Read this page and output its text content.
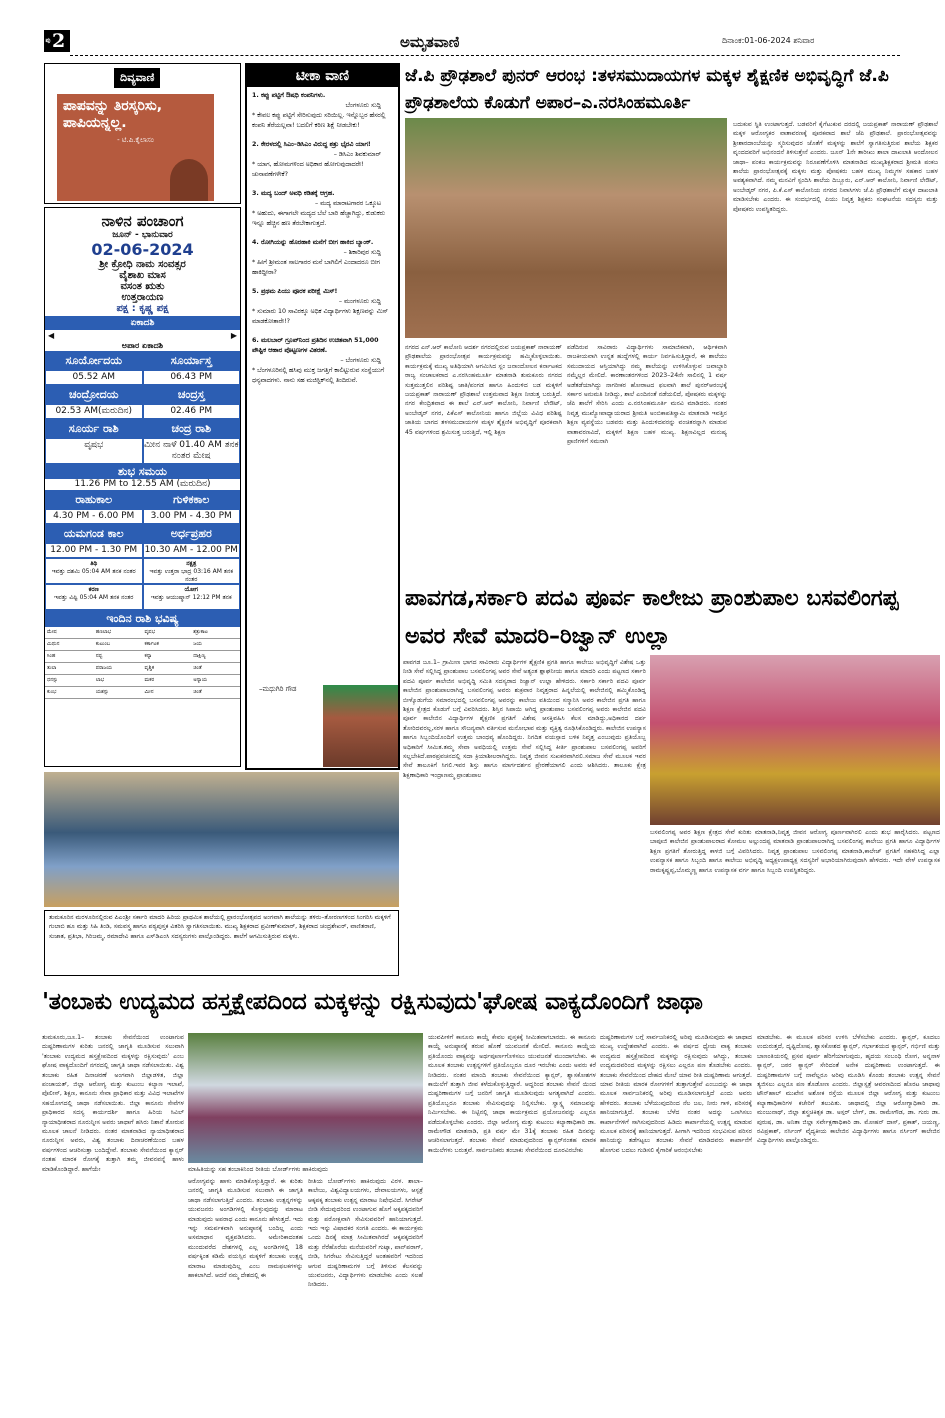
ಪು 2	ಅಮೃತವಾಣಿ	ದಿನಾಂಕ:01-06-2024 ಶನಿವಾರ
ದಿವ್ಯವಾಣಿ
ಪಾಪವನ್ನು ತಿರಸ್ಕರಿಸು, ಪಾಪಿಯನ್ನಲ್ಲ.
- ಟಿ.ಪಿ.ಕೈಲಾಸಂ
ನಾಳಿನ ಪಂಚಾಂಗ
ಜೂನ್ - ಭಾನುವಾರ
02-06-2024
ಶ್ರೀ ಕ್ರೋಧಿ ನಾಮ ಸಂವತ್ಸರ
ವೈಶಾಖ ಮಾಸ
ವಸಂತ ಋತು
ಉತ್ತರಾಯಣ
ಪಕ್ಷ : ಕೃಷ್ಣ ಪಕ್ಷ
ಏಕಾದಶಿ
◀	▶
ಅಪಾರ ಏಕಾದಶಿ
ಸೂರ್ಯೋದಯ	ಸೂರ್ಯಾಸ್ತ
05.52 AM	06.43 PM
ಚಂದ್ರೋದಯ	ಚಂದ್ರಸ್ತ
02.53 AM(ಮರುದಿನ)	02.46 PM
ಸೂರ್ಯ ರಾಶಿ	ಚಂದ್ರ ರಾಶಿ
ವೃಷಭ	ಮೀನ ನಾಳೆ 01.40 AM ತನಕ ನಂತರ ಮೇಷ
ಶುಭ ಸಮಯ
11.26 PM to 12.55 AM (ಮರುದಿನ)
ರಾಹುಕಾಲ	ಗುಳಿಕಕಾಲ
4.30 PM - 6.00 PM	3.00 PM - 4.30 PM
ಯಮಗಂಡ ಕಾಲ	ಅರ್ಧಪ್ರಹರ
12.00 PM - 1.30 PM 10.30 AM - 12.00 PM
ತಿಥಿ
ಇವತ್ತು ದಶಮಿ 05:04 AM ತನಕ ನಂತರ
ನಕ್ಷತ್ರ
ಇವತ್ತು ಉತ್ತರಾ ಭಾದ್ರ 03:16 AM ತನಕ ನಂತರ
ಕರಣ
ಇವತ್ತು ವಿಷ್ಟಿ 05:04 AM ತನಕ ನಂತರ
ಯೋಗ
ಇವತ್ತು ಆಯುಷ್ಮಾನ್ 12:12 PM ತನಕ
ಇಂದಿನ ರಾಶಿ ಭವಿಷ್ಯ
ಮೇಷ	ಹಣಲಾಭ	ವೃಷಭ	ಶತ್ರುಕಾಟ
ಮಿಥುನ	ಕುಟುಂಬ	ಕರ್ಕಾಟಕ	ಜಯ
ಸಿಂಹ	ನಷ್ಟ	ಕನ್ಯಾ	ದಾಕ್ಷಿಣ್ಯ
ತುಲಾ	ಪರಾಜಯ	ವೃಶ್ಚಿಕ	ಚಿಂತೆ
ಧನಸ್ಸು	ಲಾಭ	ಮಕರ	ಅನ್ಯಾಯ
ಕುಂಭ	ಯಶಸ್ಸು	ಮೀನ	ಚಿಂತೆ
ಟೀಕಾ ವಾಣಿ
1. ಕಪ್ಪು ಪಟ್ಟಿಗೆ ಔಷಧಿ ಕಂಪನಿಗಳು.
ಬೆಂಗಳೂರು ಸುದ್ದಿ
* ಕೇವಲ ಕಪ್ಪು ಪಟ್ಟಿಗೆ ಸೇರಿಸುವುದು ಸರಿಯಿಲ್ಲ. ಇನ್ನೊಬ್ಬರ ಹೆಸರಲ್ಲಿ ಕಂಪನಿ ತೆರೆಯಲ್ಲವಾ! ಬದಲಿಗೆ ಕಠಿಣ ಶಿಕ್ಷೆ ನೀಡಬೇಕು!
2. ಕೇರಳದಲ್ಲಿ ಸಿಎಂ–ಡಿಸಿಎಂ ವಿರುದ್ಧ ಶತ್ರು ಭೈರವಿ ಯಾಗ!
– ಡಿಸಿಎಂ ಶಿವಕುಮಾರ್
* ಯಾಗ, ಹೋಮಗಳಿಂದ ಅಧಿಕಾರ ಹೋಗುವುದಾದರೇ! ಚುನಾವಣೆಗಳೇಕೆ?
3. ಮದ್ಯ ಬಂದ್ ಅವಧಿ ಕಡಿತಕ್ಕೆ ಆಗ್ರಹ.
– ಮದ್ಯ ಮಾರಾಟಗಾರರ ಒಕ್ಕೂಟ
* ಅಹುದು, ಈಗಾಗಲೇ ಮದ್ಯದ ಬೆಲೆ ಬಾರಿ ಹೆಚ್ಚಾಗಿದ್ದು, ಕುಡುಕರು ಇನ್ನೂ ಹೆಚ್ಚಿನ ಹಣ ತೆರಬೇಕಾಗುತ್ತದೆ.
4. ರೋಗಿಯನ್ನು ಹೊರಹಾಕಿ ಮನೆಗೆ ಬೀಗ ಹಾಕಿದ ಬ್ಯಾಂಕ್.
– ಶಿಕಾರಿಪುರ ಸುದ್ದಿ
* ಹೀಗೆ ಶ್ರೀಮಂತ ಸಾಲಗಾರರ ಮನೆ ಬಾಗಿಲಿಗೆ ಎಂದಾದರೂ ಬೀಗ ಹಾಕಿದ್ದೀರಾ?
5. ಪ್ರಥಮ ಪಿಯು ಪೂರಕ ಪರೀಕ್ಷೆ ಮಿಸ್!
– ಮಂಗಳೂರು ಸುದ್ದಿ
* ಸುಮಾರು 10 ಸಾವಿರಕ್ಕೂ ಅಧಿಕ ವಿದ್ಯಾರ್ಥಿಗಳು ಶಿಕ್ಷಣವನ್ನು ಮಿಸ್ ಮಾಡಕೋತಾರೇ!?
6. ಮಲಬಾರ್ ಗ್ರೂಪ್‌ನಿಂದ ಪ್ರತಿದಿನ ಉಚಿತವಾಗಿ 51,000 ಪೌಷ್ಟಿಕ ಆಹಾರ ಪೊಟ್ಟಣಗಳ ವಿತರಣೆ.
– ಬೆಂಗಳೂರು ಸುದ್ದಿ
* ಬೆಂಗಳೂರಿನಲ್ಲಿ ಹಸಿವು ಮುಕ್ತ ಜಗತ್ತಿಗೆ ಕಾಲಿಟ್ಟುರುವ ಸಂಸ್ಥೆಯುಗೆ ಧನ್ಯವಾದಗಳು. ನಾನು ಸಹ ಮಜಿಸ್ಟಿಕ್‌ನಲ್ಲಿ ತಿಂದಿರುವೆ.
–ಮಧುಗಿರಿ ಗೌಡ
ಜೆ.ಪಿ ಪ್ರೌಢಶಾಲೆ ಪುನರ್ ಆರಂಭ :ತಳಸಮುದಾಯಗಳ ಮಕ್ಕಳ ಶೈಕ್ಷಣಿಕ ಅಭಿವೃದ್ಧಿಗೆ ಜೆ.ಪಿ ಪ್ರೌಢಶಾಲೆಯ ಕೊಡುಗೆ ಅಪಾರ–ಎ.ನರಸಿಂಹಮೂರ್ತಿ
ಬದುಕುವ ಸ್ಥಿತಿ ಉಂಟಾಗುತ್ತದೆ. ಬಡವರಿಗೆ ಕೈಗೆಟುಕುವ ದರದಲ್ಲಿ ಜಯಪ್ರಕಾಶ್ ನಾರಾಯಣ್ ಪ್ರೌಢಶಾಲೆ ಮಕ್ಕಳ ಆರೋಗ್ಯಕರ ವಾತಾವರಣಕ್ಕೆ ಪೂರಕವಾದ ಶಾಲೆ ಜೆಪಿ ಪ್ರೌಢಶಾಲೆ. ಪ್ರಾರಂಭೋತ್ಸವವನ್ನು ಶ್ರೀಶಾರದಾಂಬೆಯನ್ನು ಸ್ಮರಿಸುವುದರ ಜೊತೆಗೆ ಮಕ್ಕಳನ್ನು ಶಾಲೆಗೆ ಸ್ವಾಗತಿಸುತ್ತಿರುವ ಶಾಲೆಯ ಶಿಕ್ಷಕರ ವೃಂದದವರಿಗೆ ಅಭಿನಂದನೆ ತಿಳಿಸುತ್ತೇನೆ ಎಂದರು. ಜೂನ್ 1ನೇ ತಾರೀಖು ಶಾಲಾ ದಾಖಲಾತಿ ಆಂದೋಲನ ಜಾಥಾ– ಪಂಕಜ ಕಾರ್ಯಕ್ರಮವನ್ನು ನಿರೂಪಣೆಗೊಳಿಸಿ ಮಾತನಾಡಿದ ಮುಖ್ಯಶಿಕ್ಷಕರಾದ ಶ್ರೀಮತಿ ಪಂಕಜ ಶಾಲೆಯ ಪ್ರಾರಂಭೋತ್ಸವಕ್ಕೆ ಮಕ್ಕಳು ಮತ್ತು ಪೋಷಕರು ಬಹಳ ಮುಖ್ಯ ನಿಮ್ಮಗಳ ಸಹಕಾರ ಬಹಳ ಅವಶ್ಯಕವಾಗಿದೆ. ನಮ್ಮ ಮನವಿಗೆ ಸ್ಪಂದಿಸಿ ಶಾಲೆಯ ದಿಬ್ಬೂರು, ಎನ್.ಆರ್ ಕಾಲೋನಿ, ನಿರ್ವಾಣಿ ಲೇಔಟ್, ಅಂಬೇಡ್ಕರ್ ನಗರ, ಪಿ.ಕೆ.ಎಸ್ ಕಾಲೋನಿಯ ನಗರದ ನಿವಾಸಿಗಳು ಜೆ.ಪಿ ಪ್ರೌಢಶಾಲೆಗೆ ಮಕ್ಕಳ ದಾಖಲಾತಿ ಮಾಡಿಸಬೇಕು ಎಂದರು. ಈ ಸಂದರ್ಭದಲ್ಲಿ ಪಿಯು ನಿವೃತ್ತ ಶಿಕ್ಷಕರು ಸಂಘಟನೆಯ ಸದಸ್ಯರು ಮತ್ತು ಪೋಷಕರು ಉಪಸ್ಥಿತರಿದ್ದರು.
ನಗರದ ಎನ್.ಆರ್ ಕಾಲೋನಿ ಆದರ್ಶ ನಗರದಲ್ಲಿರುವ ಜಯಪ್ರಕಾಶ್ ನಾರಾಯಣ್ ಪ್ರೌಢಶಾಲೆಯ ಪ್ರಾರಂಭೋತ್ಸವ ಕಾರ್ಯಕ್ರಮವನ್ನು ಹಮ್ಮಿಕೊಳ್ಳಲಾಯಿತು. ಕಾರ್ಯಕ್ರಮಕ್ಕೆ ಮುಖ್ಯ ಅತಿಥಿಯಾಗಿ ಆಗಮಿಸಿದ ಸ್ಲಂ ಜನಾಂದೋಲನ ಕರ್ನಾಟಕದ ರಾಜ್ಯ ಸಂಚಾಲಕರಾದ ಎ.ನರಸಿಂಹಮೂರ್ತಿ ಮಾತನಾಡಿ ತುಮಕೂರು ನಗರದ ಸುತ್ತಮುತ್ತಲಿನ ಪರಿಶಿಷ್ಟ ಜಾತಿ/ಪಂಗಡ ಹಾಗೂ ಹಿಂದುಳಿದ ಬಡ ಮಕ್ಕಳಿಗೆ ಜಯಪ್ರಕಾಶ್ ನಾರಾಯಣ್ ಪ್ರೌಢಶಾಲೆ ಉತ್ತಮವಾದ ಶಿಕ್ಷಣ ನೀಡುತ್ತ ಬರುತ್ತಿದೆ. ನಗರ ಕೇಂದ್ರಿತವಾದ ಈ ಶಾಲೆ ಎನ್.ಆರ್ ಕಾಲೋನಿ, ನಿರ್ವಾಣಿ ಲೇಔಟ್, ಅಂಬೇಡ್ಕರ್ ನಗರ, ಪಿಕೆಎಸ್ ಕಾಲೋನಿಯ ಹಾಗೂ ಜಿಲ್ಲೆಯ ವಿವಿಧ ಪರಿಶಿಷ್ಟ ಜಾತಿಯ ಬಾಗದ ತಳಸಮುದಾಯಗಳ ಮಕ್ಕಳ ಶೈಕ್ಷಣಿಕ ಅಭಿವೃದ್ಧಿಗೆ ಪೂರಕವಾಗಿ 45 ವರ್ಷಗಳಿಂದ ಶ್ರಮಿಸುತ್ತ ಬರುತ್ತಿದೆ, ಇಲ್ಲಿ ಶಿಕ್ಷಣ
ಪಡೆದಿರುವ ಸಾವಿರಾರು ವಿದ್ಯಾರ್ಥಿಗಳು ಸಾಮಾಜಿಕವಾಗಿ, ಆರ್ಥಿಕವಾಗಿ ರಾಜಕೀಯವಾಗಿ ಉನ್ನತ ಹುದ್ದೆಗಳಲ್ಲಿ ಕಾರ್ಯ ನಿರ್ವಹಿಸುತ್ತಿದ್ದಾರೆ, ಈ ಶಾಲೆಯು ಸಮುದಾಯದ ಆಸ್ತಿಯಾಗಿದ್ದು ನಮ್ಮ ಶಾಲೆಯನ್ನು ಉಳಿಸಿಕೊಳ್ಳುವ ಜವಾಬ್ದಾರಿ ನಮ್ಮೆಲ್ಲರ ಮೇಲಿದೆ. ಕಾರಣಾಂತರಗಳಿಂದ 2023–24ನೇ ಸಾಲಿನಲ್ಲಿ 1 ವರ್ಷ ಅಡೆತಡೆಯಾಗಿದ್ದು ನಾಗರೀಕರ ಹೋರಾಟದ ಫಲವಾಗಿ ಶಾಲೆ ಪುನರ್‌ಆರಂಭಕ್ಕೆ ಸರ್ಕಾರ ಅನುಮತಿ ನೀಡಿದ್ದು, ಶಾಲೆ ಎಂದಿನಂತೆ ನಡೆಯಲಿದೆ, ಪೋಷಕರು ಮಕ್ಕಳನ್ನು ಜೆಪಿ ಶಾಲೆಗೆ ಸೇರಿಸಿ ಎಂದು ಎ.ನರಸಿಂಹಮೂರ್ತಿ ಮನವಿ ಮಾಡಿದರು. ನಂತರ ನಿವೃತ್ತ ಮುಖ್ಯೋಪಾಧ್ಯಾಯರಾದ ಶ್ರೀಮತಿ ಅಂಬಿಕಾಪತಿಸ್ವಾಮಿ ಮಾತನಾಡಿ ಇವತ್ತಿನ ಶಿಕ್ಷಣ ವ್ಯವಸ್ಥೆಯು ಬಡವರು ಮತ್ತು ಹಿಂದುಳಿದವರನ್ನು ವಂಚಿತರನ್ನಾಗಿ ಮಾಡುವ ವಾತಾವರಣವಿದೆ, ಮಕ್ಕಳಿಗೆ ಶಿಕ್ಷಣ ಬಹಳ ಮುಖ್ಯ. ಶಿಕ್ಷಣವಿಲ್ಲದ ಮನುಷ್ಯ ಪ್ರಾಣಿಗಳಿಗೆ ಸಮನಾಗಿ
ಪಾವಗಡ,ಸರ್ಕಾರಿ ಪದವಿ ಪೂರ್ವ ಕಾಲೇಜು ಪ್ರಾಂಶುಪಾಲ ಬಸವಲಿಂಗಪ್ಪ ಅವರ ಸೇವೆ ಮಾದರಿ–ರಿಜ್ವಾನ್ ಉಲ್ಲಾ
ಪಾವಗಡ ಜೂ.1– ಗ್ರಾಮೀಣ ಭಾಗದ ಸಾವಿರಾರು ವಿದ್ಯಾರ್ಥಿಗಳ ಶೈಕ್ಷಣಿಕ ಪ್ರಗತಿ ಹಾಗೂ ಕಾಲೇಜು ಅಭಿವೃದ್ಧಿಗೆ ವಿಶೇಷ ಒತ್ತು ನೀಡಿ ಸೇವೆ ಸಲ್ಲಿಸಿದ್ದ ಪ್ರಾಂಶುಪಾಲ ಬಸವಲಿಂಗಪ್ಪ ಅವರ ಸೇವೆ ಅತ್ಯಂತ ಶ್ಲಾಘನೀಯ ಹಾಗೂ ಮಾದರಿ ಎಂದು ಪಟ್ಟಣದ ಸರ್ಕಾರಿ ಪದವಿ ಪೂರ್ವ ಕಾಲೇಜಿನ ಅಭಿವೃದ್ಧಿ ಸಮಿತಿ ಸದಸ್ಯರಾದ ರಿಜ್ವಾನ್ ಉಲ್ಲಾ ಹೇಳಿದರು. ಸರ್ಕಾರಿ ಸರ್ಕಾರಿ ಪದವಿ ಪೂರ್ವ ಕಾಲೇಜಿನ ಪ್ರಾಂಶುಪಾಲರಾಗಿದ್ದ ಬಸವಲಿಂಗಪ್ಪ ಅವರು ಶುಕ್ರವಾರ ನಿವೃತ್ತರಾದ ಹಿನ್ನಲೆಯಲ್ಲಿ ಕಾಲೇಜಿನಲ್ಲಿ ಹಮ್ಮಿಕೊಂಡಿದ್ದ ಬೀಳ್ಕೊಡುಗೆಯ ಸಮಾರಂಭದಲ್ಲಿ ಬಸವಲಿಂಗಪ್ಪ ಅವರನ್ನು ಕಾಲೇಜು ವತಿಯಿಂದ ಸನ್ಮಾನಿಸಿ ಅವರ ಕಾಲೇಜಿನ ಪ್ರಗತಿ ಹಾಗೂ ಶಿಕ್ಷಣ ಕ್ಷೇತ್ರದ ಕೊಡುಗೆ ಬಗ್ಗೆ ವಿವರಿಸಿದರು. ಶಿಸ್ತಿನ ಸಿಪಾಯಿ ಆಗಿದ್ದ ಪ್ರಾಂಶುಪಾಲ ಬಸವಲಿಂಗಪ್ಪ ಅವರು ಕಾಲೇಜಿನ ಪದವಿ ಪೂರ್ವ ಕಾಲೇಜಿನ ವಿದ್ಯಾರ್ಥಿಗಳ ಶೈಕ್ಷಣಿಕ ಪ್ರಗತಿಗೆ ವಿಶೇಷ ಆಸಕ್ತಿವಹಿಸಿ ಕೆಲಸ ಮಾಡಿದ್ದು,ಅಧಿಕಾರದ ದರ್ಪ ತೋರಿದವರಲ್ಲ,ಸರಳ ಹಾಗೂ ಸೌಜನ್ಯವಾಗಿ ವರ್ತಿಸುವ ಮನೋಭಾವ ಮತ್ತು ವ್ಯಕ್ತಿತ್ವ ರೂಢಿಸಿಕೊಂಡಿದ್ದರು. ಕಾಲೇಜಿನ ಉಪನ್ಯಾಸ ಹಾಗೂ ಸಿಬ್ಬಂದಿಯೊಂದಿಗೆ ಉತ್ತಮ ಬಾಂಧವ್ಯ ಹೊಂದಿದ್ದರು. ನಿಗದಿತ ವಯಸ್ಸಾದ ಬಳಿಕ ನಿವೃತ್ತ ಎಂಬುವುದು ಪ್ರತಿಯೊಬ್ಬ ಅಧಿಕಾರಿಗೆ ಸೀಮಿತ.ತಮ್ಮ ಸೇವಾ ಅವಧಿಯಲ್ಲಿ ಉತ್ತಮ ಸೇವೆ ಸಲ್ಲಿಸಿದ್ದ ಕೀರ್ತಿ ಪ್ರಾಂಶುಪಾಲ ಬಸವಲಿಂಗಪ್ಪ ಅವರಿಗೆ ಸಲ್ಲಬೇಕಿದೆ.ಪಾಠಪ್ರವಚನದಲ್ಲಿ ಸದಾ ಕ್ರಿಯಾಶೀಲರಾಗಿದ್ದರು. ನಿವೃತ್ತ ಜೀವನ ಸುಖಕರವಾಗಿರಲಿ.ಸಮಾಜ ಸೇವೆ ಮೂಲಕ ಇವರ ಸೇವೆ ತಾಲೂಕಿಗೆ ಸಿಗಲಿ.ಇವರ ಶಿಸ್ತು ಹಾಗೂ ಮಾರ್ಗದರ್ಶನ ಪ್ರೇರಣೆಯಾಗಲಿ ಎಂದು ಆಶಿಸಿದರು. ತಾಲೂಕು ಕ್ಷೇತ್ರ ಶಿಕ್ಷಣಾಧಿಕಾರಿ ಇಂದ್ರಾಣಮ್ಮ ಪ್ರಾಂಶುಪಾಲ
ಬಸವಲಿಂಗಪ್ಪ ಅವರ ಶಿಕ್ಷಣ ಕ್ಷೇತ್ರದ ಸೇವೆ ಕುರಿತು ಮಾತನಾಡಿ,ನಿವೃತ್ತ ಜೀವನ ಆರೋಗ್ಯ ಪೂರ್ಣವಾಗಿರಲಿ ಎಂದು ಶುಭ ಹಾರೈಸಿದರು. ಪಟ್ಟಣದ ಬಾಪೂಜಿ ಕಾಲೇಜಿನ ಪ್ರಾಂಶುಪಾಲರಾದ ಕೋಮಲ ಅಲ್ಲುಂದಪ್ಪ ಮಾತನಾಡಿ ಪ್ರಾಂಶುಪಾಲರಾಗಿದ್ದ ಬಸವಲಿಂಗಪ್ಪ ಕಾಲೇಜು ಪ್ರಗತಿ ಹಾಗೂ ವಿದ್ಯಾರ್ಥಿಗಳ ಶಿಕ್ಷಣ ಪ್ರಗತಿಗೆ ತೋರುತ್ತಿದ್ದ ಕಾಳಜಿ ಬಗ್ಗೆ ವಿವರಿಸಿದರು. ನಿವೃತ್ತ ಪ್ರಾಂಶುಪಾಲ ಬಸವಲಿಂಗಪ್ಪ ಮಾತನಾಡಿ,ಕಾಲೇಜ್ ಪ್ರಗತಿಗೆ ಸಹಕರಿಸಿದ್ದ ಎಲ್ಲಾ ಉಪನ್ಯಾಸಕ ಹಾಗೂ ಸಿಬ್ಬಂದಿ ಹಾಗೂ ಕಾಲೇಜು ಅಭಿವೃದ್ಧಿ ಅಧ್ಯಕ್ಷಉಪಾಧ್ಯಕ್ಷ ಸದಸ್ಯರಿಗೆ ಅಭಾರಿಯಾಗಿರುವುದಾಗಿ ಹೇಳಿದರು. ಇದೇ ವೇಳೆ ಉಪನ್ಯಾಸಕ ರಾಮಕೃಷ್ಣಪ್ಪ,ಬೊಮ್ಮಣ್ಣ ಹಾಗೂ ಉಪನ್ಯಾಸಕ ವರ್ಗ ಹಾಗೂ ಸಿಬ್ಬಂದಿ ಉಪಸ್ಥಿತರಿದ್ದರು.
ತುಮಕೂರಿನ ಮರಳೂರಿನಲ್ಲಿರುವ ಪಿಎಂಶ್ರೀ ಸರ್ಕಾರಿ ಮಾದರಿ ಹಿರಿಯ ಪ್ರಾಥಮಿಕ ಶಾಲೆಯಲ್ಲಿ ಪ್ರಾರಂಭೋತ್ಸವದ ಅಂಗವಾಗಿ ಶಾಲೆಯನ್ನು ತಳಿರು–ತೋರಣಗಳಿಂದ ಸಿಂಗರಿಸಿ ಮಕ್ಕಳಿಗೆ ಗುಲಾಬಿ ಹೂ ಮತ್ತು ಸಿಹಿ ತಿಂಡಿ, ಸಮವಸ್ತ್ರ ಹಾಗೂ ಪಠ್ಯಪುಸ್ತಕ ವಿತರಿಸಿ ಸ್ವಾಗತಿಸಲಾಯಿತು. ಮುಖ್ಯ ಶಿಕ್ಷಕರಾದ ಪ್ರವೀಣ್‌ಕುಮಾರ್, ಶಿಕ್ಷಕರಾದ ಚಂದ್ರಶೇಖರ್, ವಾಣಿತರಾಣಿ, ಸುಜಾತ, ಪ್ರತಿಭಾ, ಗಿರಿಜಮ್ಮ, ರಮಾದೇವಿ ಹಾಗೂ ಎಸ್‌ಡಿಎಂಸಿ ಸದಸ್ಯರುಗಳು ಪಾಲ್ಗೊಂಡಿದ್ದರು. ಶಾಲೆಗೆ ಆಗಮಿಸುತ್ತಿರುವ ಮಕ್ಕಳು.
'ತಂಬಾಕು ಉದ್ಯಮದ ಹಸ್ತಕ್ಷೇಪದಿಂದ ಮಕ್ಕಳನ್ನು ರಕ್ಷಿಸುವುದು'ಘೋಷ ವಾಕ್ಯದೊಂದಿಗೆ ಜಾಥಾ
ತುಮಕೂರು,ಜೂ.1– ತಂಬಾಕು ಸೇವನೆಯಿಂದ ಉಂಟಾಗುವ ದುಷ್ಪರಿಣಾಮಗಳ ಕುರಿತು ಜನರಲ್ಲಿ ಜಾಗೃತಿ ಮೂಡಿಸುವ ಸಲುವಾಗಿ 'ತಂಬಾಕು ಉದ್ಯಮದ ಹಸ್ತಕ್ಷೇಪದಿಂದ ಮಕ್ಕಳನ್ನು ರಕ್ಷಿಸುವುದು' ಎಂಬ ಘೋಷ ವಾಕ್ಯದೊಂದಿಗೆ ನಗರದಲ್ಲಿ ಜಾಗೃತಿ ಜಾಥಾ ನಡೆಸಲಾಯಿತು. ವಿಶ್ವ ತಂಬಾಕು ರಹಿತ ದಿನಾಚರಣೆ ಅಂಗವಾಗಿ ಜಿಲ್ಲಾಡಳಿತ, ಜಿಲ್ಲಾ ಪಂಚಾಯತ್, ಜಿಲ್ಲಾ ಆರೋಗ್ಯ ಮತ್ತು ಕುಟುಂಬ ಕಲ್ಯಾಣ ಇಲಾಖೆ, ಪೊಲೀಸ್, ಶಿಕ್ಷಣ, ಕಾನೂನು ಸೇವಾ ಪ್ರಾಧಿಕಾರ ಮತ್ತು ವಿವಿಧ ಇಲಾಖೆಗಳ ಸಹಯೋಗದಲ್ಲಿ ಜಾಥಾ ನಡೆಸಲಾಯಿತು. ಜಿಲ್ಲಾ ಕಾನೂನು ಸೇವೆಗಳ ಪ್ರಾಧಿಕಾರದ ಸದಸ್ಯ ಕಾರ್ಯದರ್ಶಿ ಹಾಗೂ ಹಿರಿಯ ಸಿವಿಲ್ ನ್ಯಾಯಾಧೀಶರಾದ ನೂರುನ್ನೀಸ ಅವರು ಜಾಥಾಗೆ ಹಸಿರು ನಿಶಾನೆ ತೋರುವ ಮೂಲಕ ಚಾಲನೆ ನೀಡಿದರು. ನಂತರ ಮಾತನಾಡಿದ ನ್ಯಾಯಾಧೀಶರಾದ ನೂರುನ್ನೀಸ ಅವರು, ವಿಶ್ವ ತಂಬಾಕು ದಿನಾಚರಣೆಯಿಂದ ಬಹಳ ವರ್ಷಗಳಿಂದ ಆಚರಿಸುತ್ತಾ ಬಂದಿದ್ದೇವೆ. ತಂಬಾಕು ಸೇವನೆಯಿಂದ ಕ್ಯಾನ್ಸರ್ ನಂತಹ ಮಾರಕ ರೋಗಕ್ಕೆ ತುತ್ತಾಗಿ ತಮ್ಮ ಜೀವನವನ್ನೆ ಹಾಳು ಮಾಡಿಕೊಂಡಿದ್ದಾರೆ. ಹಾಗೆಯೇ	ಮಾಹಿತಿಯನ್ನು ಸಹ ತಂಬಾಕಿನಿಂದ ರೀತಿಯ ಬೋರ್ಡ್‌ಗಳು ಹಾಕಿರುವುದು
ಆರೋಗ್ಯವನ್ನು ಹಾಳು ಮಾಡಿಕೊಳ್ಳುತ್ತಿದ್ದಾರೆ. ಈ ಕುರಿತು ಜನರಲ್ಲಿ ಜಾಗೃತಿ ಮೂಡಿಸುವ ಸಲುವಾಗಿ ಈ ಜಾಗೃತಿ ಜಾಥಾ ನಡೆಸಲಾಗುತ್ತಿದೆ ಎಂದರು. ತಂಬಾಕು ಉತ್ಪನ್ನಗಳನ್ನು ಯುವಜನರು ಅಂಗಡಿಗಳಲ್ಲಿ ಕೊಳ್ಳುವುದನ್ನು ಮಾರಾಟ ಮಾಡುವುದು ಅಪರಾಧ ಎಂದು ಕಾನೂನು ಹೇಳುತ್ತದೆ. ಇದು ಇನ್ನು ಸಮರ್ಪಕವಾಗಿ ಅನುಷ್ಠಾನಕ್ಕೆ ಬಂದಿಲ್ಲ ಎಂದು ಅಸಮಾಧಾನ ವ್ಯಕ್ತಪಡಿಸಿದರು. ಅಮೇರಿಕಾದಂತಹ ಮುಂದುವರೆದ ದೇಶಗಳಲ್ಲಿ ಎಲ್ಲ ಅಂಗಡಿಗಳಲ್ಲಿ 18 ವರ್ಷಕ್ಕಿಂತ ಕಡಿಮೆ ವಯಸ್ಸಿನ ಮಕ್ಕಳಿಗೆ ತಂಬಾಕು ಉತ್ಪನ್ನ ಮಾರಾಟ ಮಾಡುವುದಿಲ್ಲ ಎಂಬ ನಾಮಫಲಕಗಳನ್ನು ಹಾಕಲಾಗಿದೆ. ಆದರೆ ನಮ್ಮ ದೇಶದಲ್ಲಿ ಈ
ರೀತಿಯ ಬೋರ್ಡ್‌ಗಳು ಹಾಕಿರುವುದು ವಿರಳ. ಶಾಲಾ–ಕಾಲೇಜು, ವಿಶ್ವವಿದ್ಯಾಲಯಗಳು, ದೇವಾಲಯಗಳು, ಆಸ್ಪತ್ರೆ ಆಕ್ಕಪಕ್ಕ ತಂಬಾಕು ಉತ್ಪನ್ನ ಮಾರಾಟ ನಿಷೇಧವಿದೆ. ಸಿಗರೇಟ್ ಬೀಡಿ ಸೇದುವುದರಿಂದ ಉಂಟಾಗುವ ಹೊಗೆ ಅಕ್ಕಪಕ್ಕದವರಿಗೆ ಮತ್ತು ಪರೋಕ್ಷವಾಗಿ ಸೇವಿಸುವವರಿಗೆ ಹಾನಿಯಾಗುತ್ತದೆ. ಇದು ಇನ್ನು ವಿಷಾದಕರ ಸಂಗತಿ ಎಂದರು. ಈ ಕಾರ್ಯಕ್ರಮ ಒಂದು ದಿನಕ್ಕೆ ಮಾತ್ರ ಸೀಮಿತವಾಗಿರದೆ ಆಕ್ಕಪಕ್ಕದವರಿಗೆ ಮತ್ತು ನೆರೆಹೊರೆಯ ಮನೆಯವರಿಗೆ ಗುಟ್ಕಾ, ಪಾನ್‌ಪರಾಗ್, ಬೀಡಿ, ಸಿಗರೇಟು ಸೇವಿಸುತ್ತಿದ್ದರೆ ಅಂತಹವರಿಗೆ ಇದರಿಂದ ಆಗುವ ದುಷ್ಪರಿಣಾಮಗಳ ಬಗ್ಗೆ ತಿಳಿಸುವ ಕೆಲಸವನ್ನು ಯುವಜನರು, ವಿದ್ಯಾರ್ಥಿಗಳು ಮಾಡಬೇಕು ಎಂದು ಸಲಹೆ ನೀಡಿದರು.
ಯುವಪೀಳಿಗೆ ಕಾನೂನು ಕಾಯ್ದೆ ಕೇವಲ ಪುಸ್ತಕಕ್ಕೆ ಸೀಮಿತವಾಗಬಾರದು. ಈ ಕಾನೂನು ಕಾಯ್ದೆ ಅನುಷ್ಠಾನಕ್ಕೆ ತರುವ ಹೊಣೆ ಯುವಜನತೆ ಮೇಲಿದೆ. ಕಾನೂನು ಕಾಯ್ದೆಯ ಪ್ರತಿಯೊಂದು ವಾಕ್ಯವನ್ನು ಅರ್ಥಪೂರ್ಣಗೊಳಿಸಲು ಯುವಜನತೆ ಮುಂದಾಗಬೇಕು. ಈ ಮೂಲಕ ತಂಬಾಕು ಉತ್ಪನ್ನಗಳಿಗೆ ಪ್ರತಿಯೊಬ್ಬರೂ ದೂರ ಇರಬೇಕು ಎಂದು ಅವರು ಕರೆ ನೀಡಿದರು. ನಂತರ ಮಾಂದಿ ತಂಬಾಕು ಸೇವನೆಯಿಂದ ಕ್ಯಾನ್ಸರ್, ಶ್ವಾಸಕೋಶಗಳ ಕಾಯಿಲೆಗೆ ತುತ್ತಾಗಿ ಜೀವ ಕಳೆದುಕೊಳ್ಳುತ್ತಿದ್ದಾರೆ. ಆದ್ದರಿಂದ ತಂಬಾಕು ಸೇವನೆ ಯಿಂದ ದುಷ್ಪರಿಣಾಮಗಳ ಬಗ್ಗೆ ಜನರಿಗೆ ಜಾಗೃತಿ ಮೂಡಿಸುವುದು ಅಗತ್ಯವಾಗಿದೆ ಎಂದರು. ಪ್ರತಿಯೊಬ್ಬರೂ ತಂಬಾಕು ಸೇವಿಸುವುದನ್ನು ನಿಲ್ಲಿಸಬೇಕು. ಸ್ವಾಸ್ಥ್ಯ ಸಮಾಜವನ್ನು ನಿರ್ಮಿಸಬೇಕು. ಈ ನಿಟ್ಟಿನಲ್ಲಿ ಜಾಥಾ ಕಾರ್ಯಕ್ರಮದ ಪ್ರಯೋಜನವನ್ನು ಎಲ್ಲರೂ ಪಡೆದುಕೊಳ್ಳಬೇಕು ಎಂದರು. ಜಿಲ್ಲಾ ಆರೋಗ್ಯ ಮತ್ತು ಕುಟುಂಬ ಕಲ್ಯಾಣಾಧಿಕಾರಿ ಡಾ. ರಾಮೇಗೌಡ ಮಾತನಾಡಿ, ಪ್ರತಿ ವರ್ಷ ಮೇ 31ಕ್ಕೆ ತಂಬಾಕು ರಹಿತ ದಿನವನ್ನು ಆಚರಿಸಲಾಗುತ್ತದೆ. ತಂಬಾಕು ಸೇವನೆ ಮಾಡುವುದರಿಂದ ಕ್ಯಾನ್ಸರ್‌ನಂತಹ ಮಾರಕ ಕಾಯಿಲೆಗಳು ಬರುತ್ತವೆ. ಸಾರ್ವಜನಿಕರು ತಂಬಾಕು ಸೇವನೆಯಿಂದ ದೂರವಿರಬೇಕು
ದುಷ್ಪರಿಣಾಮಗಳ ಬಗ್ಗೆ ಸಾರ್ವಜನಿಕರಲ್ಲಿ ಅರಿವು ಮೂಡಿಸುವುದು ಈ ಜಾಥಾದ ಮುಖ್ಯ ಉದ್ದೇಶವಾಗಿದೆ ಎಂದರು. ಈ ವರ್ಷದ ಧ್ಯೇಯ ವಾಕ್ಯ ತಂಬಾಕು ಉದ್ಯಮದ ಹಸ್ತಕ್ಷೇಪದಿಂದ ಮಕ್ಕಳನ್ನು ರಕ್ಷಿಸುವುದು ಆಗಿದ್ದು, ತಂಬಾಕು ಉದ್ಯಮದವರಿಂದ ಮಕ್ಕಳನ್ನು ರಕ್ಷಿಸಲು ಎಲ್ಲರೂ ಪಣ ತೊಡಬೇಕು ಎಂದರು. ತಂಬಾಕು ಸೇವನೆಯಿಂದ ದೇಹದ ಮೇಲೆ ಯಾವ ರೀತಿ ದುಷ್ಪರಿಣಾಮ ಆಗುತ್ತದೆ. ಯಾವ ರೀತಿಯ ಮಾರಕ ರೋಗಗಳಿಗೆ ತುತ್ತಾಗುತ್ತೇವೆ ಎಂಬುದನ್ನು ಈ ಜಾಥಾ ಮೂಲಕ ಸಾರ್ವಜನಿಕರಲ್ಲಿ ಅರಿವು ಮೂಡಿಸಲಾಗುತ್ತಿದೆ ಎಂದು ಅವರು ಹೇಳಿದರು. ತಂಬಾಕು ಬೆಳೆಯುವುದರಿಂದ ನೆಲ ಜಲ, ನೀರು ಗಾಳಿ, ಪರಿಸರಕ್ಕೆ ಹಾನಿಯಾಗುತ್ತಿದೆ. ತಂಬಾಕು ಬೆಳೆದ ನಂತರ ಅದನ್ನು ಒಣಗಿಸಲು ಕಾರ್ಖಾನೆಗಳಿಗೆ ಸಾಗಿಸುವುದರಿಂದ ಹಿಡಿದು ಕಾರ್ಖಾನೆಯಲ್ಲಿ ಉತ್ಪನ್ನ ಮಾಡುವ ಮೂಲಕ ಪರಿಸರಕ್ಕೆ ಹಾನಿಯಾಗುತ್ತದೆ. ಹೀಗಾಗಿ ಇದರಿಂದ ಸಂಭವಿಸುವ ಪರಿಸರ ಹಾನಿಯನ್ನು ತಡೆಗಟ್ಟಲು ತಂಬಾಕು ಸೇವನೆ ಮಾಡಿದವರು ಕಾರ್ಖಾನೆಗೆ ಹೋಗುವ ಬದಲು ಗುಡಿಸಲಿ ಕೈಗಾರಿಕೆ ಆರಂಭಿಸಬೇಕು
ಮಾಡಬೇಕು. ಈ ಮೂಲಕ ಪರಿಸರ ಉಳಿಸಿ ಬೆಳೆಸಬೇಕು ಎಂದರು. ಕ್ಯಾನ್ಸರ್, ಕೂದಲು ಉದುರುತ್ತದೆ, ದೃಷ್ಟಿದೋಷ, ಶ್ವಾಸಕೋಶದ ಕ್ಯಾನ್ಸರ್, ಗರ್ಭಾಶಯದ ಕ್ಯಾನ್ಸರ್, ಗರ್ಭಿಣಿ ಮತ್ತು ಬಾಣಂತಿಯರಲ್ಲಿ ಪ್ರಸವ ಪೂರ್ವ ಹೆರಿಗೆಯಾಗುವುದು, ಹೃದಯ ಸಂಬಂಧಿ ರೋಗ, ಅನ್ನನಾಳ ಕ್ಯಾನ್ಸರ್, ಜಠರ ಕ್ಯಾನ್ಸರ್ ಸೇರಿದಂತೆ ಅನೇಕ ದುಷ್ಪರಿಣಾಮ ಉಂಟಾಗುತ್ತದೆ. ಈ ದುಷ್ಪರಿಣಾಮಗಳ ಬಗ್ಗೆ ನಾವೆಲ್ಲರೂ ಅರಿವು ಮೂಡಿಸಿ ಕೊಂಡು ತಂಬಾಕು ಉತ್ಪನ್ನ ಸೇವನೆ ತ್ಯಜಿಸಲು ಎಲ್ಲರೂ ಪಣ ತೊಡೋಣ ಎಂದರು. ಜಿಲ್ಲಾಸ್ಪತ್ರೆ ಆವರಣದಿಂದ ಹೊರಟ ಜಾಥಾವು ಟೌನ್‌ಹಾಲ್ ಮುಖೇನ ಅಶೋಕ ರಸ್ತೆಯ ಮೂಲಕ ಜಿಲ್ಲಾ ಆರೋಗ್ಯ ಮತ್ತು ಕುಟುಂಬ ಕಲ್ಯಾಣಾಧಿಕಾರಿಗಳ ಕಚೇರಿಗೆ ತಲುಪಿತು. ಜಾಥಾದಲ್ಲಿ ಜಿಲ್ಲಾ ಆರೋಗ್ಯಾಧಿಕಾರಿ ಡಾ. ಮಂಜುನಾಥ್, ಜಿಲ್ಲಾ ಶಸ್ತ್ರಚಿಕಿತ್ಸಕ ಡಾ. ಅಸ್ಗರ್ ಬೇಗ್, ಡಾ. ರಾಮೇಗೌಡ, ಡಾ. ಗುರು ಡಾ. ಪುರುಷ, ಡಾ. ಅನಿತಾ ಜಿಲ್ಲಾ ಸರ್ವೇಕ್ಷಣಾಧಿಕಾರಿ ಡಾ. ಮೋಹನ್ ದಾಸ್, ಪ್ರಕಾಶ್, ಜಯಣ್ಣ, ರವಿಪ್ರಕಾಶ್, ನರ್ಸಿಂಗ್ ವೈದ್ಯಕೀಯ ಕಾಲೇಜಿನ ವಿದ್ಯಾರ್ಥಿಗಳು ಹಾಗೂ ನರ್ಸಿಂಗ್ ಕಾಲೇಜಿನ ವಿದ್ಯಾರ್ಥಿಗಳು ಪಾಲ್ಗೊಂಡಿದ್ದರು.
